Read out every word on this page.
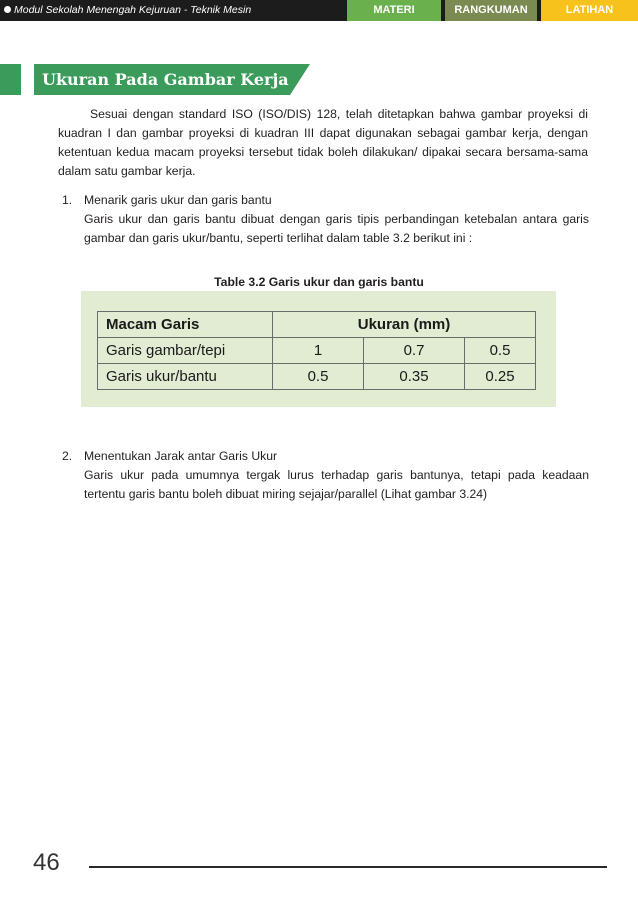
Modul Sekolah Menengah Kejuruan - Teknik Mesin	MATERI	RANGKUMAN	LATIHAN
Ukuran Pada Gambar Kerja

Sesuai dengan standard ISO (ISO/DIS) 128, telah ditetapkan bahwa gambar proyeksi di kuadran I dan gambar proyeksi di kuadran III dapat digunakan sebagai gambar kerja, dengan ketentuan kedua macam proyeksi tersebut tidak boleh dilakukan/ dipakai secara bersama-sama dalam satu gambar kerja.

1. Menarik garis ukur dan garis bantu

Garis ukur dan garis bantu dibuat dengan garis tipis perbandingan ketebalan antara garis gambar dan garis ukur/bantu, seperti terlihat dalam table 3.2 berikut ini :

Table 3.2 Garis ukur dan garis bantu
Macam Garis	Ukuran (mm)		
Garis gambar/tepi	1	0.7	0.5
Garis ukur/bantu	0.5	0.35	0.25
2. Menentukan Jarak antar Garis Ukur

Garis ukur pada umumnya tergak lurus terhadap garis bantunya, tetapi pada keadaan tertentu garis bantu boleh dibuat miring sejajar/parallel (Lihat gambar 3.24)

46
